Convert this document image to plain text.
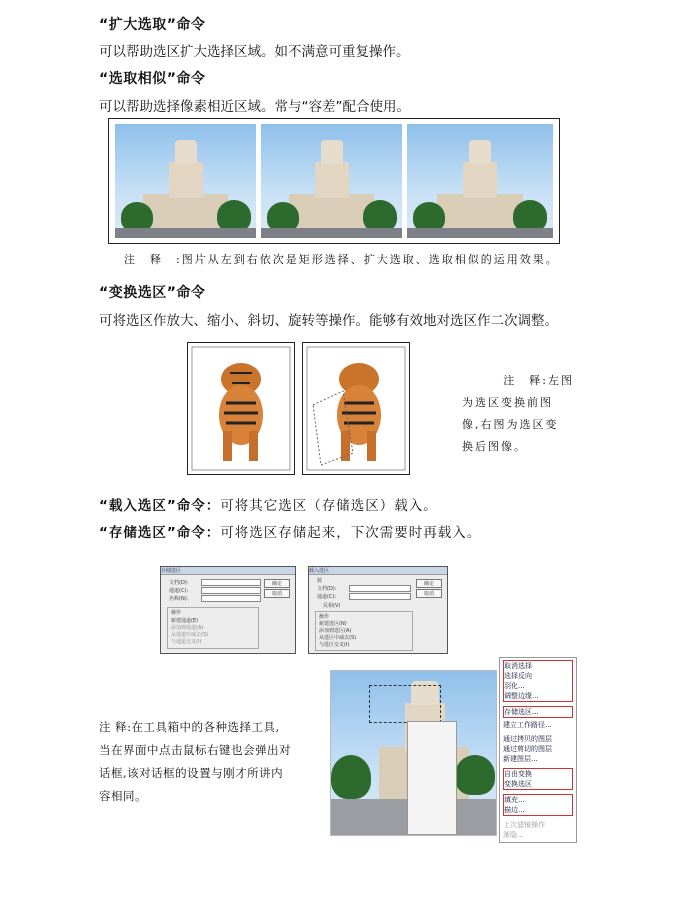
“扩大选取”命令
可以帮助选区扩大选择区域。如不满意可重复操作。
“选取相似”命令
可以帮助选择像素相近区域。常与“容差”配合使用。
注　释　:图片从左到右依次是矩形选择、扩大选取、选取相似的运用效果。
“变换选区”命令
可将选区作放大、缩小、斜切、旋转等操作。能够有效地对选区作二次调整。
注　释:左图
为选区变换前图
像,右图为选区变
换后图像。
“载入选区”命令：可将其它选区（存储选区）载入。
“存储选区”命令：可将选区存储起来，下次需要时再载入。
存储选区
文档(D):
通道(C):
名称(N):
确定
取消
操作
新建通道(E)
添加到通道(A)
从通道中减去(S)
与通道交叉(I)
载入选区
源
文档(D):
通道(C):
反相(V)
确定
取消
操作
新建选区(N)
添加到选区(A)
从选区中减去(S)
与选区交叉(I)
注 释:在工具箱中的各种选择工具,
当在界面中点击鼠标右键也会弹出对
话框,该对话框的设置与刚才所讲内
容相同。
取消选择
选择反向
羽化...
调整边缘...
存储选区...
建立工作路径...
通过拷贝的图层
通过剪切的图层
新建图层...
自由变换
变换选区
填充...
描边...
上次滤镜操作
渐隐...
